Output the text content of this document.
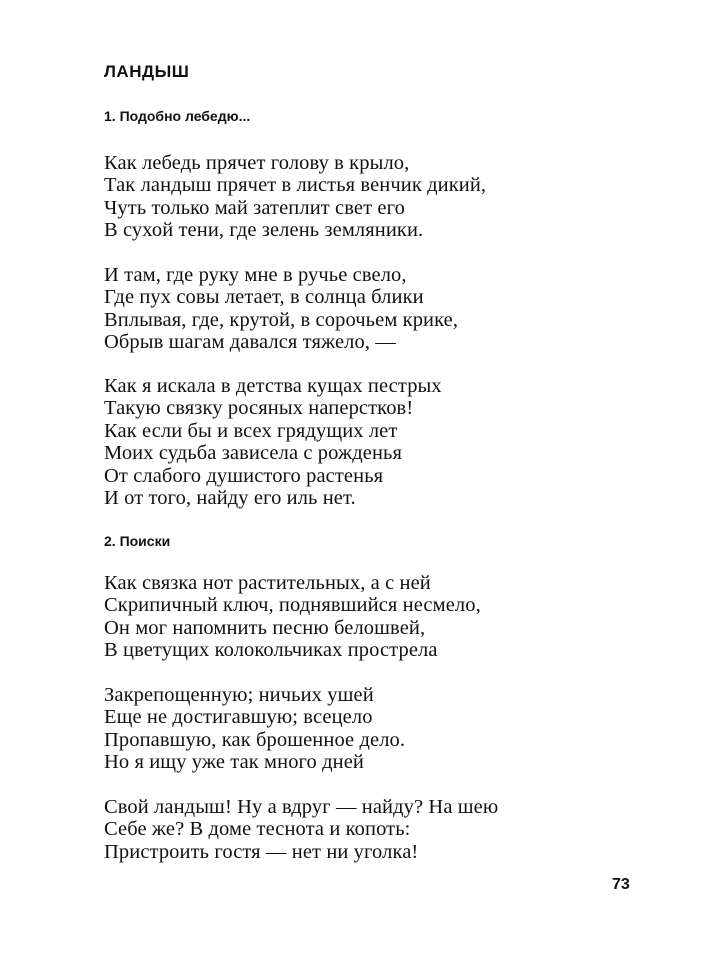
ЛАНДЫШ
1. Подобно лебедю...
Как лебедь прячет голову в крыло,
Так ландыш прячет в листья венчик дикий,
Чуть только май затеплит свет его
В сухой тени, где зелень земляники.
И там, где руку мне в ручье свело,
Где пух совы летает, в солнца блики
Вплывая, где, крутой, в сорочьем крике,
Обрыв шагам давался тяжело, —
Как я искала в детства кущах пестрых
Такую связку росяных наперстков!
Как если бы и всех грядущих лет
Моих судьба зависела с рожденья
От слабого душистого растенья
И от того, найду его иль нет.
2. Поиски
Как связка нот растительных, а с ней
Скрипичный ключ, поднявшийся несмело,
Он мог напомнить песню белошвей,
В цветущих колокольчиках прострела
Закрепощенную; ничьих ушей
Еще не достигавшую; всецело
Пропавшую, как брошенное дело.
Но я ищу уже так много дней
Свой ландыш! Ну а вдруг — найду? На шею
Себе же? В доме теснота и копоть:
Пристроить гостя — нет ни уголка!
73
